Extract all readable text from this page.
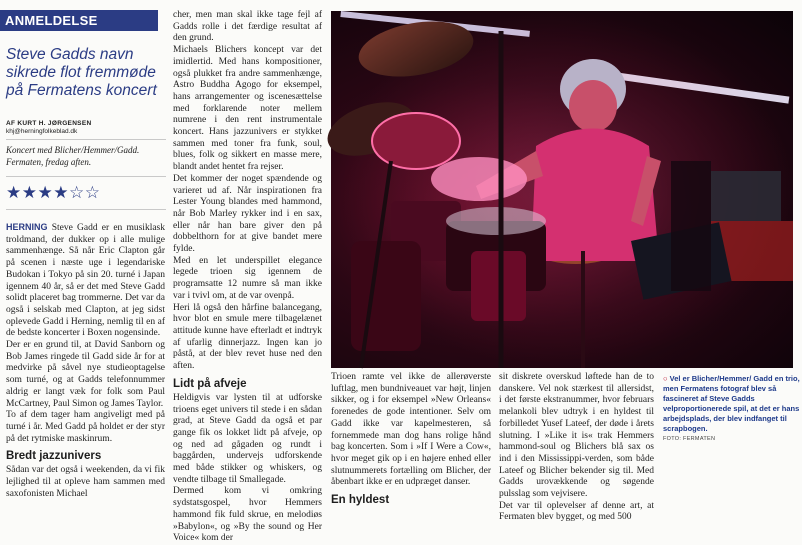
ANMELDELSE
Steve Gadds navn sikrede flot fremmøde på Fermatens koncert
AF KURT H. JØRGENSEN
khj@herningfolkeblad.dk

Koncert med Blicher/Hemmer/Gadd. Fermaten, fredag aften.

★★★★☆☆

HERNING Steve Gadd er en musiklask troldmand, der dukker op i alle mulige sammenhænge. Så når Eric Clapton går på scenen i næste uge i legendariske Budokan i Tokyo på sin 20. turné i Japan igennem 40 år, så er det med Steve Gadd solidt placeret bag trommerne. Det var da også i selskab med Clapton, at jeg sidst oplevede Gadd i Herning, nemlig til en af de bedste koncerter i Boxen nogensinde.

Der er en grund til, at David Sanborn og Bob James ringede til Gadd side år for at medvirke på såvel nye studieoptagelse som turné, og at Gadds telefonnummer aldrig er langt væk for folk som Paul McCartney, Paul Simon og James Taylor.

To af dem tager ham angiveligt med på turné i år. Med Gadd på holdet er der styr på det rytmiske maskinrum.

Bredt jazzunivers

Sådan var det også i weekenden, da vi fik lejlighed til at opleve ham sammen med saxofonisten Michael

cher, men man skal ikke tage fejl af Gadds rolle i det færdige resultat af den grund.

Michaels Blichers koncept var det imidlertid. Med hans kompositioner, også plukket fra andre sammenhænge, Astro Buddha Agogo for eksempel, hans arrangementer og iscenesættelse med forklarende noter mellem numrene i den rent instrumentale koncert. Hans jazzunivers er stykket sammen med toner fra funk, soul, blues, folk og sikkert en masse mere, blandt andet hentet fra rejser.

Det kommer der noget spændende og varieret ud af. Når inspirationen fra Lester Young blandes med hammond, når Bob Marley rykker ind i en sax, eller når han bare giver den på dobbelthorn for at give bandet mere fylde.

Med en let underspillet elegance legede trioen sig igennem de programsatte 12 numre så man ikke var i tvivl om, at de var ovenpå.

Heri lå også den hårfine balancegang, hvor blot en smule mere tilbagelænet attitude kunne have efterladt et indtryk af ufarlig dinnerjazz. Ingen kan jo påstå, at der blev revet huse ned den aften.

Lidt på afveje

Heldigvis var lysten til at udforske trioens eget univers til stede i en sådan grad, at Steve Gadd da også et par gange fik os lokket lidt på afveje, op og ned ad gågaden og rundt i baggården, undervejs udforskende med både stikker og whiskers, og vendte tilbage til Smallegade.

Dermed kom vi omkring sydstatsgospel, hvor Hemmers hammond fik fuld skrue, en melodiøs »Babylon«, og »By the sound og Her Voice« kom der

Trioen ramte vel ikke de allerøverste luftlag, men bundniveauet var højt, linjen sikker, og i for eksempel »New Orleans« forenedes de gode intentioner. Selv om Gadd ikke var kapelmesteren, så fornemmede man dog hans rolige hånd bag koncerten. Som i »If I Were a Cow«, hvor meget gik op i en højere enhed eller slutnummerets fortælling om Blicher, der åbenbart ikke er en udpræget danser.

En hyldest

sit diskrete overskud løftede han de to danskere. Vel nok stærkest til allersidst, i det første ekstranummer, hvor februars melankoli blev udtryk i en hyldest til forbilledet Yusef Lateef, der døde i årets slutning. I »Like it is« trak Hemmers hammond-soul og Blichers blå sax os ind i den Mississippi-verden, som både Lateef og Blicher bekender sig til. Med Gadds urovækkende og søgende pulsslag som vejvisere.

Det var til oplevelser af denne art, at Fermaten blev bygget, og med 500

○ Vel er Blicher/Hemmer/ Gadd en trio, men Fermatens fotograf blev så fascineret af Steve Gadds velproportionerede spil, at det er hans arbejdsplads, der blev indfanget til scrapbogen.
FOTO: FERMATEN
